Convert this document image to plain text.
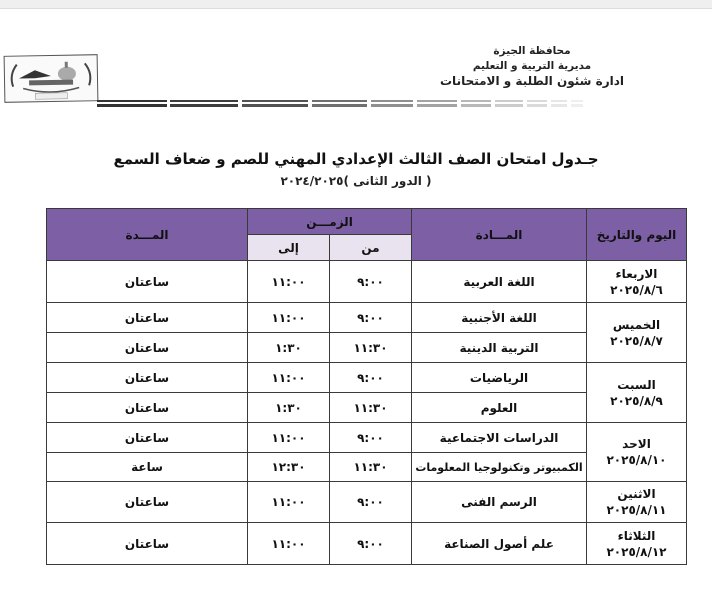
محافظة الجيزة
مديرية التربية و التعليم
ادارة شئون الطلبة و الامتحانات
جـدول امتحان الصف الثالث الإعدادي المهني للصم و ضعاف السمع
( الدور الثانى )٢٠٢٤/٢٠٢٥
اليوم والتاريخ	المـــادة	الزمـــن		المـــدة
		من	إلى	

الاربعاء
٢٠٢٥/٨/٦	اللغة العربية	٩:٠٠	١١:٠٠	ساعتان

الخميس
٢٠٢٥/٨/٧	اللغة الأجنبية	٩:٠٠	١١:٠٠	ساعتان
	التربية الدينية	١١:٣٠	١:٣٠	ساعتان

السبت
٢٠٢٥/٨/٩	الرياضيات	٩:٠٠	١١:٠٠	ساعتان
	العلوم	١١:٣٠	١:٣٠	ساعتان

الاحد
٢٠٢٥/٨/١٠	الدراسات الاجتماعية	٩:٠٠	١١:٠٠	ساعتان
	الكمبيوتر وتكنولوجيا المعلومات	١١:٣٠	١٢:٣٠	ساعة

الاثنين
٢٠٢٥/٨/١١	الرسم الفنى	٩:٠٠	١١:٠٠	ساعتان

الثلاثاء
٢٠٢٥/٨/١٢	علم أصول الصناعة	٩:٠٠	١١:٠٠	ساعتان
